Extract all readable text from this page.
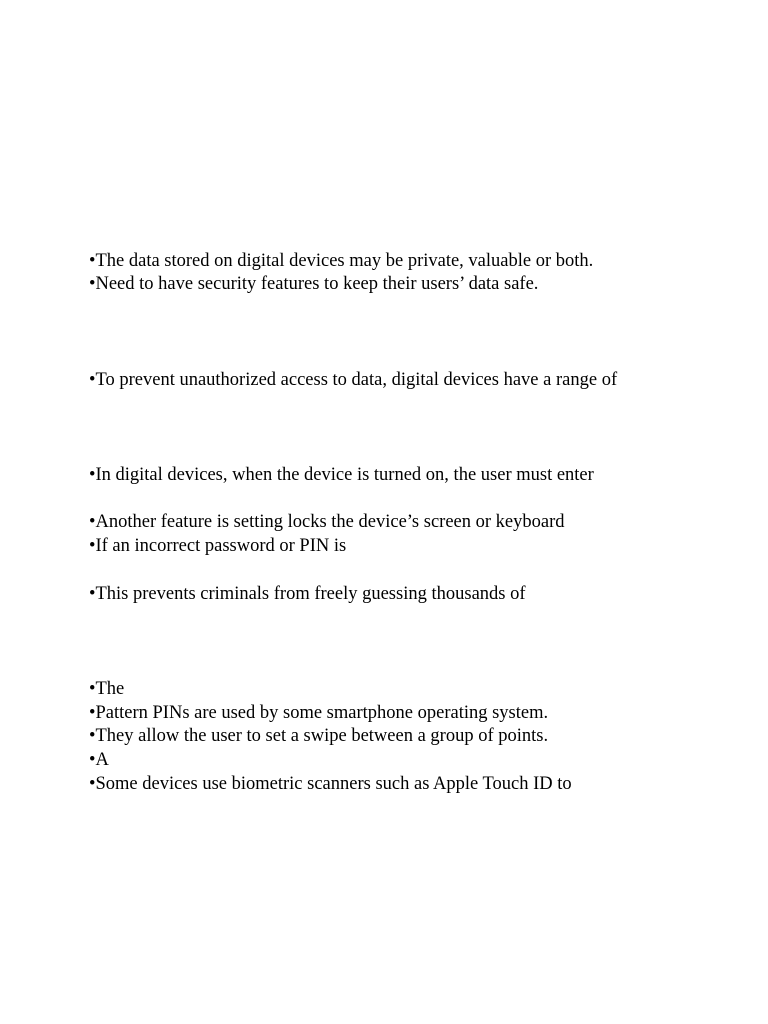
•The data stored on digital devices may be private, valuable or both.

•Need to have security features to keep their users’ data safe.

•To prevent unauthorized access to data, digital devices have a range of

•In digital devices, when the device is turned on, the user must enter

•Another feature is setting locks the device’s screen or keyboard

•If an incorrect password or PIN is

•This prevents criminals from freely guessing thousands of

•The

•Pattern PINs are used by some smartphone operating system.

•They allow the user to set a swipe between a group of points.

•A

•Some devices use biometric scanners such as Apple Touch ID to
